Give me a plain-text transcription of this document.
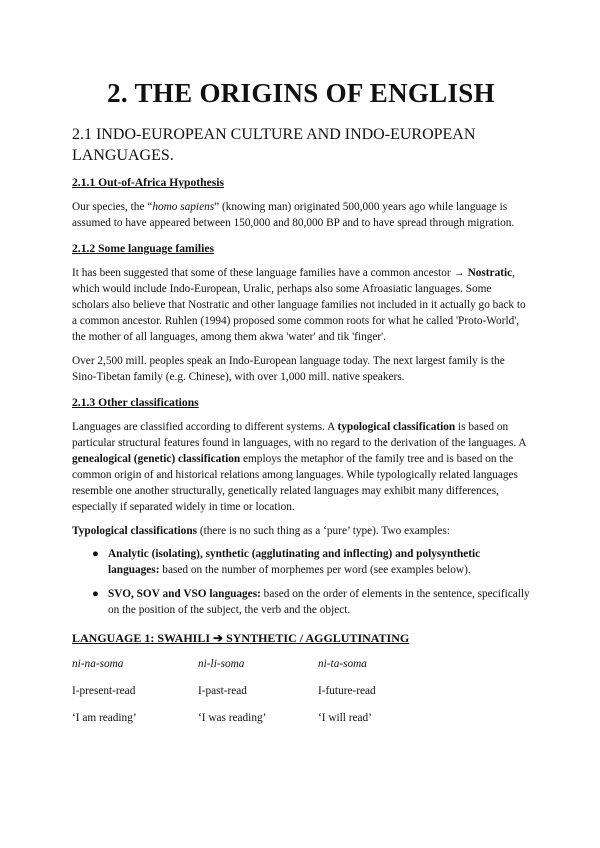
2. THE ORIGINS OF ENGLISH
2.1 INDO-EUROPEAN CULTURE AND INDO-EUROPEAN LANGUAGES.
2.1.1 Out-of-Africa Hypothesis

Our species, the “homo sapiens” (knowing man) originated 500,000 years ago while language is assumed to have appeared between 150,000 and 80,000 BP and to have spread through migration.

2.1.2 Some language families

It has been suggested that some of these language families have a common ancestor → Nostratic, which would include Indo-European, Uralic, perhaps also some Afroasiatic languages. Some scholars also believe that Nostratic and other language families not included in it actually go back to a common ancestor. Ruhlen (1994) proposed some common roots for what he called 'Proto-World', the mother of all languages, among them akwa 'water' and tik 'finger'.

Over 2,500 mill. peoples speak an Indo-European language today. The next largest family is the Sino-Tibetan family (e.g. Chinese), with over 1,000 mill. native speakers.

2.1.3 Other classifications

Languages are classified according to different systems. A typological classification is based on particular structural features found in languages, with no regard to the derivation of the languages. A genealogical (genetic) classification employs the metaphor of the family tree and is based on the common origin of and historical relations among languages. While typologically related languages resemble one another structurally, genetically related languages may exhibit many differences, especially if separated widely in time or location.

Typological classifications (there is no such thing as a ‘pure’ type). Two examples:

● Analytic (isolating), synthetic (agglutinating and inflecting) and polysynthetic languages: based on the number of morphemes per word (see examples below).
● SVO, SOV and VSO languages: based on the order of elements in the sentence, specifically on the position of the subject, the verb and the object.
LANGUAGE 1: SWAHILI ➔ SYNTHETIC / AGGLUTINATING
ni-na-soma	ni-li-soma	ni-ta-soma
I-present-read	I-past-read	I-future-read
‘I am reading’	‘I was reading’	‘I will read’
